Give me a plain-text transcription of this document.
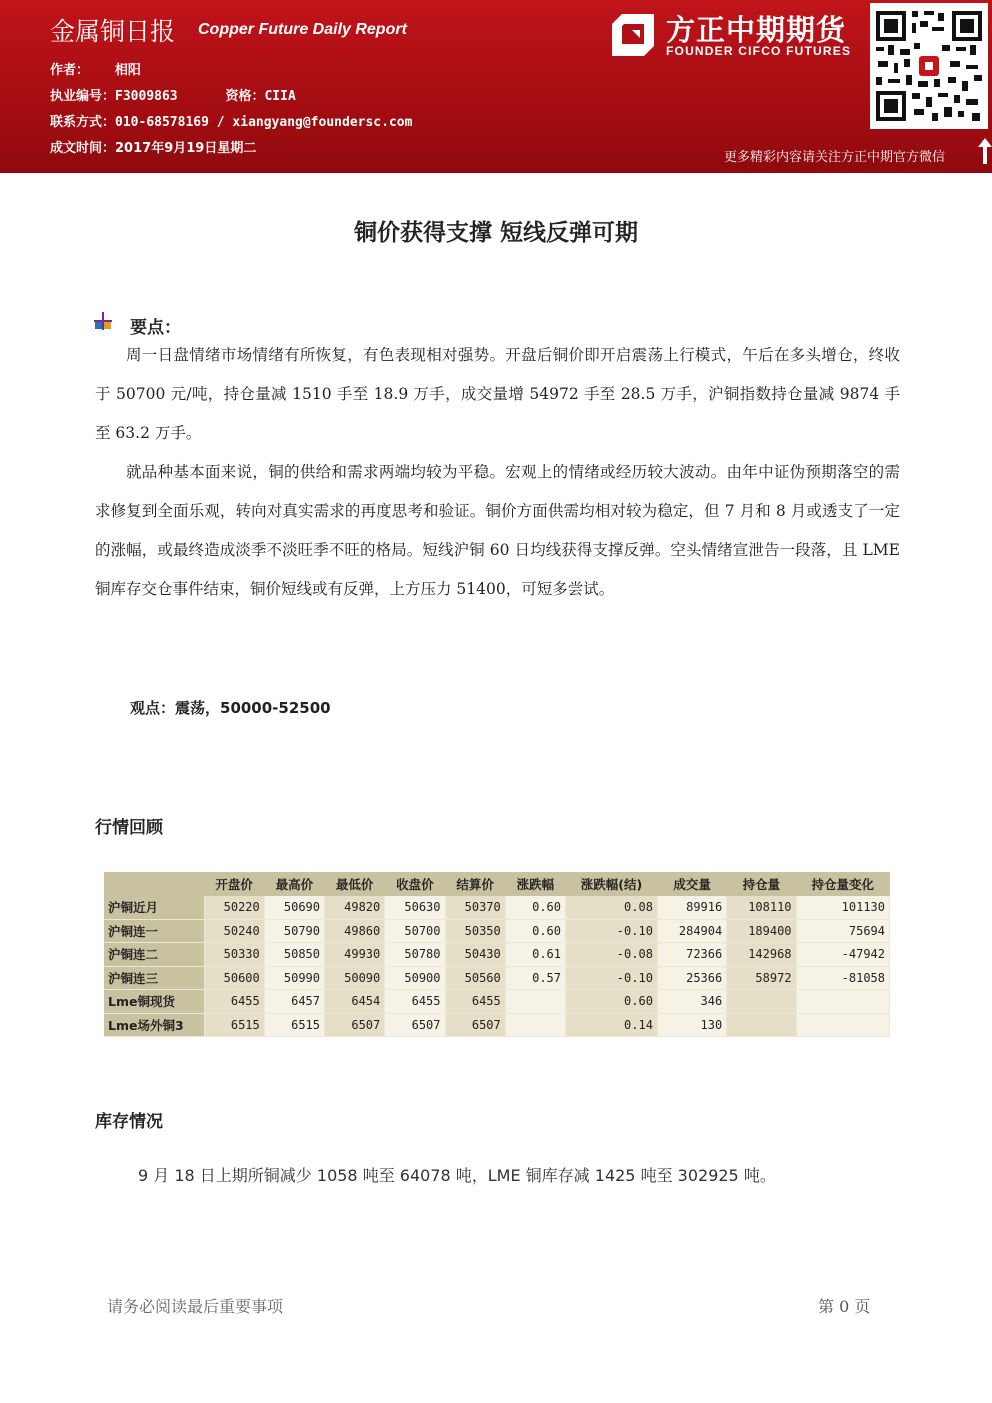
金属铜日报 Copper Future Daily Report
作者： 相阳
执业编号：F3009863	资格：CIIA
联系方式：010-68578169 / xiangyang@foundersc.com
成文时间：2017年9月19日星期二
方正中期期货
FOUNDER CIFCO FUTURES
更多精彩内容请关注方正中期官方微信
铜价获得支撑 短线反弹可期
要点：
周一日盘情绪市场情绪有所恢复，有色表现相对强势。开盘后铜价即开启震荡上行模式，午后在多头增仓，终收于 50700 元/吨，持仓量减 1510 手至 18.9 万手，成交量增 54972 手至 28.5 万手，沪铜指数持仓量减 9874 手至 63.2 万手。
就品种基本面来说，铜的供给和需求两端均较为平稳。宏观上的情绪或经历较大波动。由年中证伪预期落空的需求修复到全面乐观，转向对真实需求的再度思考和验证。铜价方面供需均相对较为稳定，但 7 月和 8 月或透支了一定的涨幅，或最终造成淡季不淡旺季不旺的格局。短线沪铜 60 日均线获得支撑反弹。空头情绪宣泄告一段落，且 LME 铜库存交仓事件结束，铜价短线或有反弹，上方压力 51400，可短多尝试。
观点：震荡，50000-52500
行情回顾
	开盘价	最高价	最低价	收盘价	结算价	涨跌幅	涨跌幅(结)	成交量	持仓量	持仓量变化
沪铜近月	50220	50690	49820	50630	50370	0.60	0.08	89916	108110	101130
沪铜连一	50240	50790	49860	50700	50350	0.60	-0.10	284904	189400	75694
沪铜连二	50330	50850	49930	50780	50430	0.61	-0.08	72366	142968	-47942
沪铜连三	50600	50990	50090	50900	50560	0.57	-0.10	25366	58972	-81058
Lme铜现货	6455	6457	6454	6455	6455		0.60	346		
Lme场外铜3	6515	6515	6507	6507	6507		0.14	130		
库存情况
9 月 18 日上期所铜减少 1058 吨至 64078 吨，LME 铜库存减 1425 吨至 302925 吨。
请务必阅读最后重要事项	第 0 页
